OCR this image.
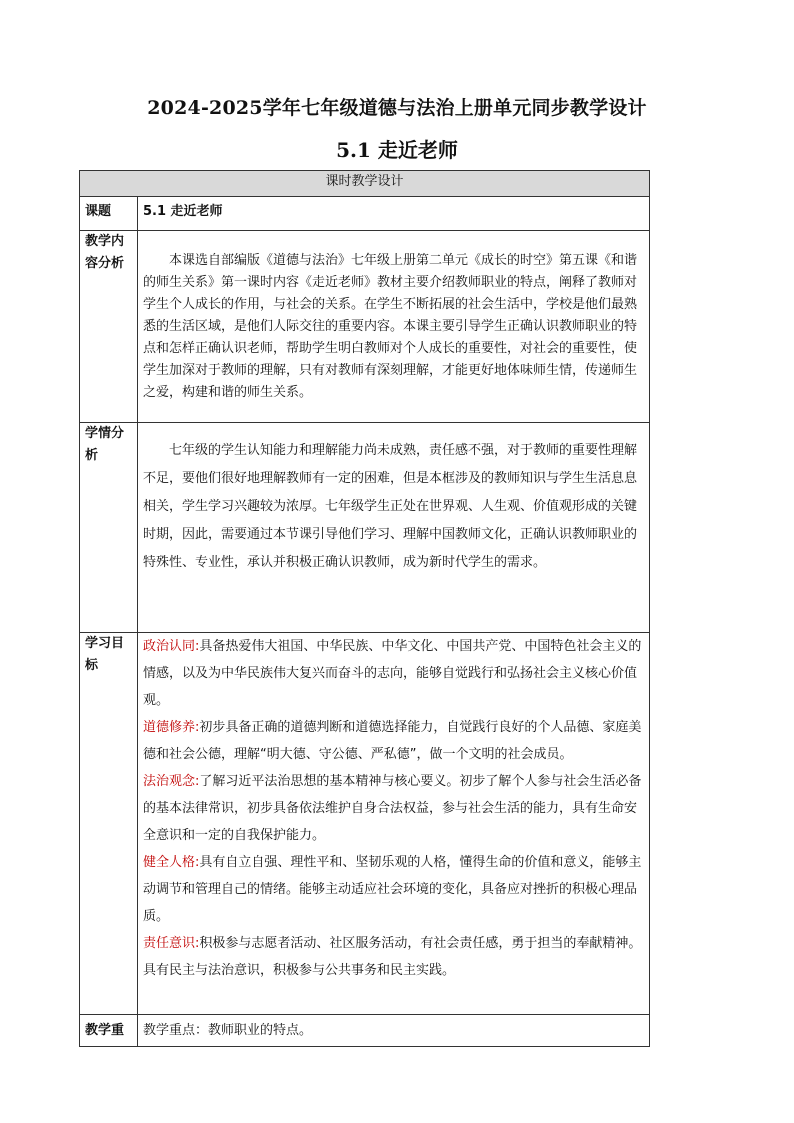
2024-2025学年七年级道德与法治上册单元同步教学设计
5.1 走近老师
课时教学设计	
课题	5.1 走近老师
教学内容分析	本课选自部编版《道德与法治》七年级上册第二单元《成长的时空》第五课《和谐的师生关系》第一课时内容《走近老师》教材主要介绍教师职业的特点，阐释了教师对学生个人成长的作用，与社会的关系。在学生不断拓展的社会生活中，学校是他们最熟悉的生活区域，是他们人际交往的重要内容。本课主要引导学生正确认识教师职业的特点和怎样正确认识老师，帮助学生明白教师对个人成长的重要性，对社会的重要性，使学生加深对于教师的理解，只有对教师有深刻理解，才能更好地体味师生情，传递师生之爱，构建和谐的师生关系。

学情分析	七年级的学生认知能力和理解能力尚未成熟，责任感不强，对于教师的重要性理解不足，要他们很好地理解教师有一定的困难，但是本框涉及的教师知识与学生生活息息相关，学生学习兴趣较为浓厚。七年级学生正处在世界观、人生观、价值观形成的关键时期，因此，需要通过本节课引导他们学习、理解中国教师文化，正确认识教师职业的特殊性、专业性，承认并积极正确认识教师，成为新时代学生的需求。

学习目标	政治认同:具备热爱伟大祖国、中华民族、中华文化、中国共产党、中国特色社会主义的情感，以及为中华民族伟大复兴而奋斗的志向，能够自觉践行和弘扬社会主义核心价值观。

道德修养:初步具备正确的道德判断和道德选择能力，自觉践行良好的个人品德、家庭美德和社会公德，理解“明大德、守公德、严私德”，做一个文明的社会成员。

法治观念:了解习近平法治思想的基本精神与核心要义。初步了解个人参与社会生活必备的基本法律常识，初步具备依法维护自身合法权益，参与社会生活的能力，具有生命安全意识和一定的自我保护能力。

健全人格:具有自立自强、理性平和、坚韧乐观的人格，懂得生命的价值和意义，能够主动调节和管理自己的情绪。能够主动适应社会环境的变化，具备应对挫折的积极心理品质。

责任意识:积极参与志愿者活动、社区服务活动，有社会责任感，勇于担当的奉献精神。具有民主与法治意识，积极参与公共事务和民主实践。

教学重	教学重点：教师职业的特点。
